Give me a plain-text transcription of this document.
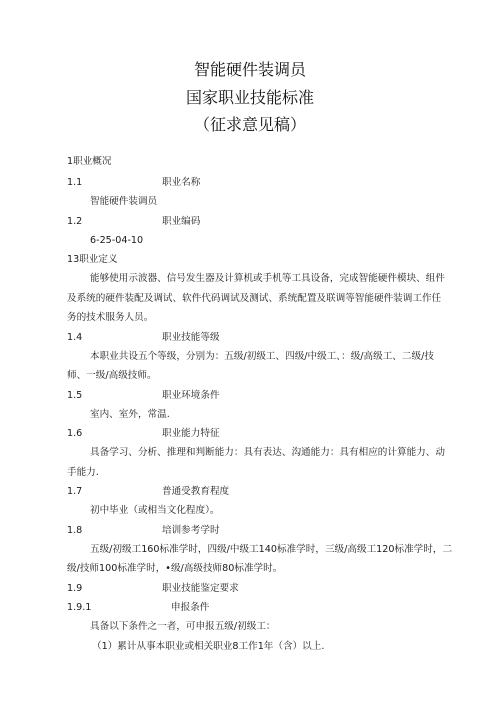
智能硬件装调员
国家职业技能标准
（征求意见稿）
1职业概况
1.1	职业名称
智能硬件装调员
1.2	职业编码
6-25-04-10
13职业定义
能够使用示波器、信号发生器及计算机或手机等工具设备，完成智能硬件模块、组件
及系统的硬件装配及调试、软件代码调试及测试、系统配置及联调等智能硬件装调工作任
务的技术服务人员。
1.4	职业技能等级
本职业共设五个等级，分别为：五级/初级工、四级/中级工、：级/高级工、二级/技
师、一级/高级技师。
1.5	职业环境条件
室内、室外，常温.
1.6	职业能力特征
具备学习、分析、推理和判断能力：具有表达、沟通能力：具有相应的计算能力、动
手能力.
1.7	普通受教育程度
初中毕业（或相当文化程度）。
1.8	培训参考学时
五级/初级工160标准学时，四级/中级工140标准学时，三级/高级工120标准学时，二
级/技师100标准学时，•级/高级技师80标准学时。
1.9	职业技能鉴定要求
1.9.1	申报条件
具备以下条件之一者，可申报五级/初级工：
（1）累计从事本职业或相关职业8工作1年（含）以上.
